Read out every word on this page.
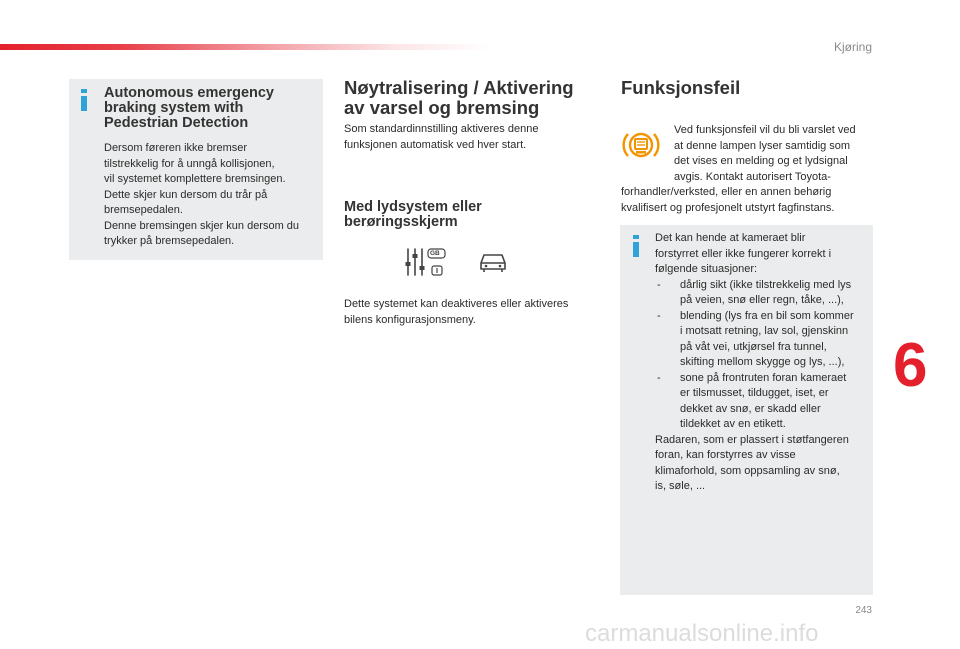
Kjøring
Autonomous emergency
braking system with
Pedestrian Detection
Dersom føreren ikke bremser
tilstrekkelig for å unngå kollisjonen,
vil systemet komplettere bremsingen.
Dette skjer kun dersom du trår på
bremsepedalen.
Denne bremsingen skjer kun dersom du
trykker på bremsepedalen.
Nøytralisering / Aktivering
av varsel og bremsing
Som standardinnstilling aktiveres denne
funksjonen automatisk ved hver start.
Med lydsystem eller
berøringsskjerm
GB
Dette systemet kan deaktiveres eller aktiveres
bilens konfigurasjonsmeny.
Funksjonsfeil
Ved funksjonsfeil vil du bli varslet ved
at denne lampen lyser samtidig som
det vises en melding og et lydsignal
avgis. Kontakt autorisert Toyota-
forhandler/verksted, eller en annen behørig
kvalifisert og profesjonelt utstyrt fagfinstans.
Det kan hende at kameraet blir
forstyrret eller ikke fungerer korrekt i
følgende situasjoner:
- dårlig sikt (ikke tilstrekkelig med lys
på veien, snø eller regn, tåke, ...),
- blending (lys fra en bil som kommer
i motsatt retning, lav sol, gjenskinn
på våt vei, utkjørsel fra tunnel,
skifting mellom skygge og lys, ...),
- sone på frontruten foran kameraet
er tilsmusset, tildugget, iset, er
dekket av snø, er skadd eller
tildekket av en etikett.
Radaren, som er plassert i støtfangeren
foran, kan forstyrres av visse
klimaforhold, som oppsamling av snø,
is, søle, ...
6
243
carmanualsonline.info
